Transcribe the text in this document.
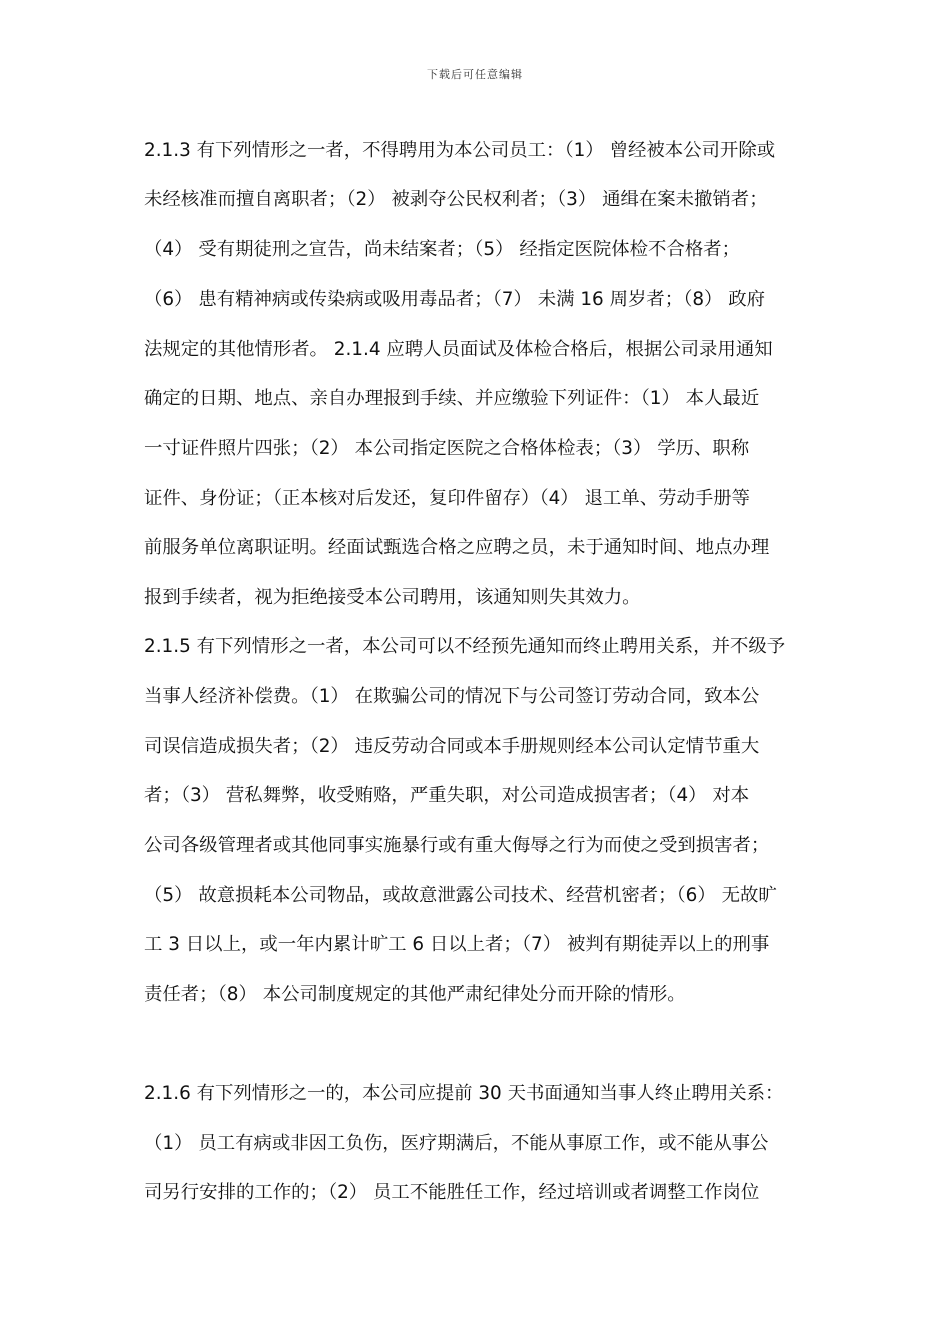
下载后可任意编辑
2.1.3 有下列情形之一者，不得聘用为本公司员工：（1） 曾经被本公司开除或
未经核准而擅自离职者；（2） 被剥夺公民权利者；（3） 通缉在案未撤销者；
（4） 受有期徒刑之宣告，尚未结案者；（5） 经指定医院体检不合格者；
（6） 患有精神病或传染病或吸用毒品者；（7） 未满 16 周岁者；（8） 政府
法规定的其他情形者。 2.1.4 应聘人员面试及体检合格后，根据公司录用通知
确定的日期、地点、亲自办理报到手续、并应缴验下列证件：（1） 本人最近
一寸证件照片四张；（2） 本公司指定医院之合格体检表；（3） 学历、职称
证件、身份证；（正本核对后发还，复印件留存）（4） 退工单、劳动手册等
前服务单位离职证明。经面试甄选合格之应聘之员，未于通知时间、地点办理
报到手续者，视为拒绝接受本公司聘用，该通知则失其效力。
2.1.5 有下列情形之一者，本公司可以不经预先通知而终止聘用关系，并不级予
当事人经济补偿费。（1） 在欺骗公司的情况下与公司签订劳动合同，致本公
司误信造成损失者；（2） 违反劳动合同或本手册规则经本公司认定情节重大
者；（3） 营私舞弊，收受贿赂，严重失职，对公司造成损害者；（4） 对本
公司各级管理者或其他同事实施暴行或有重大侮辱之行为而使之受到损害者；
（5） 故意损耗本公司物品，或故意泄露公司技术、经营机密者；（6） 无故旷
工 3 日以上，或一年内累计旷工 6 日以上者；（7） 被判有期徒弄以上的刑事
责任者；（8） 本公司制度规定的其他严肃纪律处分而开除的情形。
2.1.6 有下列情形之一的，本公司应提前 30 天书面通知当事人终止聘用关系：
（1） 员工有病或非因工负伤，医疗期满后，不能从事原工作，或不能从事公
司另行安排的工作的；（2） 员工不能胜任工作，经过培训或者调整工作岗位
